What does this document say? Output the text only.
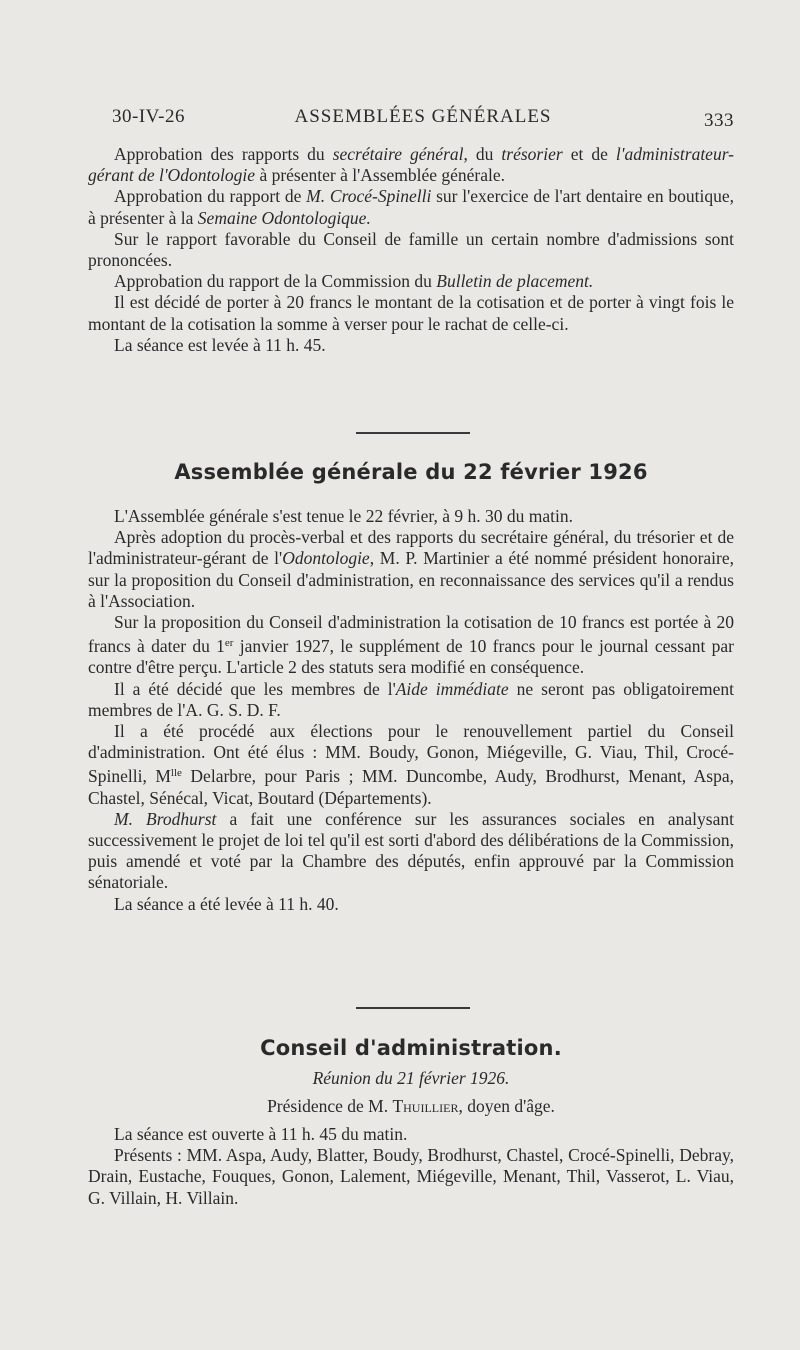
30-IV-26	ASSEMBLÉES GÉNÉRALES	333

Approbation des rapports du secrétaire général, du trésorier et de l'administrateur-gérant de l'Odontologie à présenter à l'Assemblée générale.

Approbation du rapport de M. Crocé-Spinelli sur l'exercice de l'art dentaire en boutique, à présenter à la Semaine Odontologique.

Sur le rapport favorable du Conseil de famille un certain nombre d'admissions sont prononcées.

Approbation du rapport de la Commission du Bulletin de placement.

Il est décidé de porter à 20 francs le montant de la cotisation et de porter à vingt fois le montant de la cotisation la somme à verser pour le rachat de celle-ci.

La séance est levée à 11 h. 45.

Assemblée générale du 22 février 1926

L'Assemblée générale s'est tenue le 22 février, à 9 h. 30 du matin.

Après adoption du procès-verbal et des rapports du secrétaire général, du trésorier et de l'administrateur-gérant de l'Odontologie, M. P. Martinier a été nommé président honoraire, sur la proposition du Conseil d'administration, en reconnaissance des services qu'il a rendus à l'Association.

Sur la proposition du Conseil d'administration la cotisation de 10 francs est portée à 20 francs à dater du 1er janvier 1927, le supplément de 10 francs pour le journal cessant par contre d'être perçu. L'article 2 des statuts sera modifié en conséquence.

Il a été décidé que les membres de l'Aide immédiate ne seront pas obligatoirement membres de l'A. G. S. D. F.

Il a été procédé aux élections pour le renouvellement partiel du Conseil d'administration. Ont été élus : MM. Boudy, Gonon, Miégeville, G. Viau, Thil, Crocé-Spinelli, $M^{lle}$ Delarbre, pour Paris ; MM. Duncombe, Audy, Brodhurst, Menant, Aspa, Chastel, Sénécal, Vicat, Boutard (Départements).

M. Brodhurst a fait une conférence sur les assurances sociales en analysant successivement le projet de loi tel qu'il est sorti d'abord des délibérations de la Commission, puis amendé et voté par la Chambre des députés, enfin approuvé par la Commission sénatoriale.

La séance a été levée à 11 h. 40.

Conseil d'administration.
Réunion du 21 février 1926.
Présidence de M. Thuillier, doyen d'âge.

La séance est ouverte à 11 h. 45 du matin.

Présents : MM. Aspa, Audy, Blatter, Boudy, Brodhurst, Chastel, Crocé-Spinelli, Debray, Drain, Eustache, Fouques, Gonon, Lalement, Miégeville, Menant, Thil, Vasserot, L. Viau, G. Villain, H. Villain.
